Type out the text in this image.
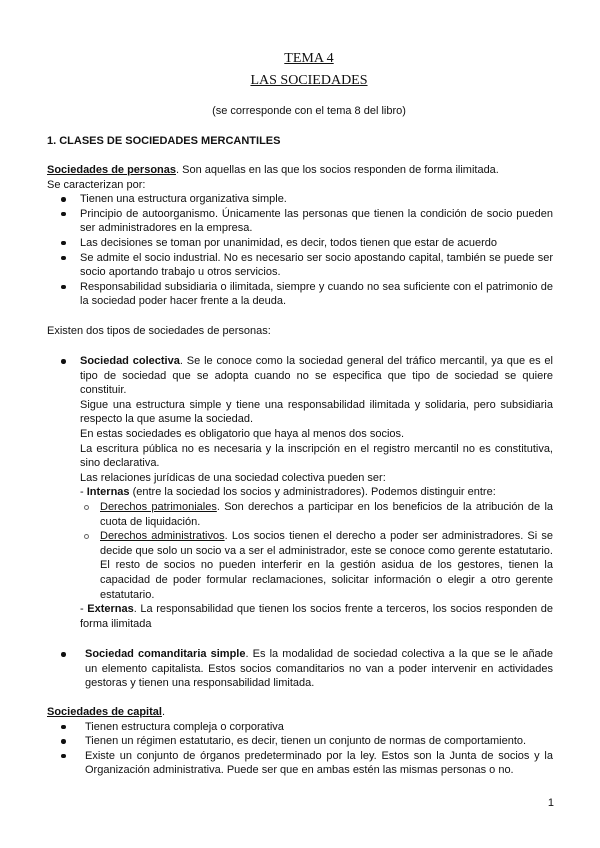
TEMA 4
LAS SOCIEDADES
(se corresponde con el tema 8 del libro)
1. CLASES DE SOCIEDADES MERCANTILES

Sociedades de personas. Son aquellas en las que los socios responden de forma ilimitada.

Se caracterizan por:

Tienen una estructura organizativa simple.
Principio de autoorganismo. Únicamente las personas que tienen la condición de socio pueden ser administradores en la empresa.
Las decisiones se toman por unanimidad, es decir, todos tienen que estar de acuerdo
Se admite el socio industrial. No es necesario ser socio apostando capital, también se puede ser socio aportando trabajo u otros servicios.
Responsabilidad subsidiaria o ilimitada, siempre y cuando no sea suficiente con el patrimonio de la sociedad poder hacer frente a la deuda.

Existen dos tipos de sociedades de personas:

Sociedad colectiva. Se le conoce como la sociedad general del tráfico mercantil, ya que es el tipo de sociedad que se adopta cuando no se especifica que tipo de sociedad se quiere constituir.

Sigue una estructura simple y tiene una responsabilidad ilimitada y solidaria, pero subsidiaria respecto la que asume la sociedad.

En estas sociedades es obligatorio que haya al menos dos socios.

La escritura pública no es necesaria y la inscripción en el registro mercantil no es constitutiva, sino declarativa.

Las relaciones jurídicas de una sociedad colectiva pueden ser:

- Internas (entre la sociedad los socios y administradores). Podemos distinguir entre:

Derechos patrimoniales. Son derechos a participar en los beneficios de la atribución de la cuota de liquidación.
Derechos administrativos. Los socios tienen el derecho a poder ser administradores. Si se decide que solo un socio va a ser el administrador, este se conoce como gerente estatutario. El resto de socios no pueden interferir en la gestión asidua de los gestores, tienen la capacidad de poder formular reclamaciones, solicitar información o elegir a otro gerente estatutario.

- Externas. La responsabilidad que tienen los socios frente a terceros, los socios responden de forma ilimitada

Sociedad comanditaria simple. Es la modalidad de sociedad colectiva a la que se le añade un elemento capitalista. Estos socios comanditarios no van a poder intervenir en actividades gestoras y tienen una responsabilidad limitada.

Sociedades de capital.

Tienen estructura compleja o corporativa
Tienen un régimen estatutario, es decir, tienen un conjunto de normas de comportamiento.
Existe un conjunto de órganos predeterminado por la ley. Estos son la Junta de socios y la Organización administrativa. Puede ser que en ambas estén las mismas personas o no.
1
